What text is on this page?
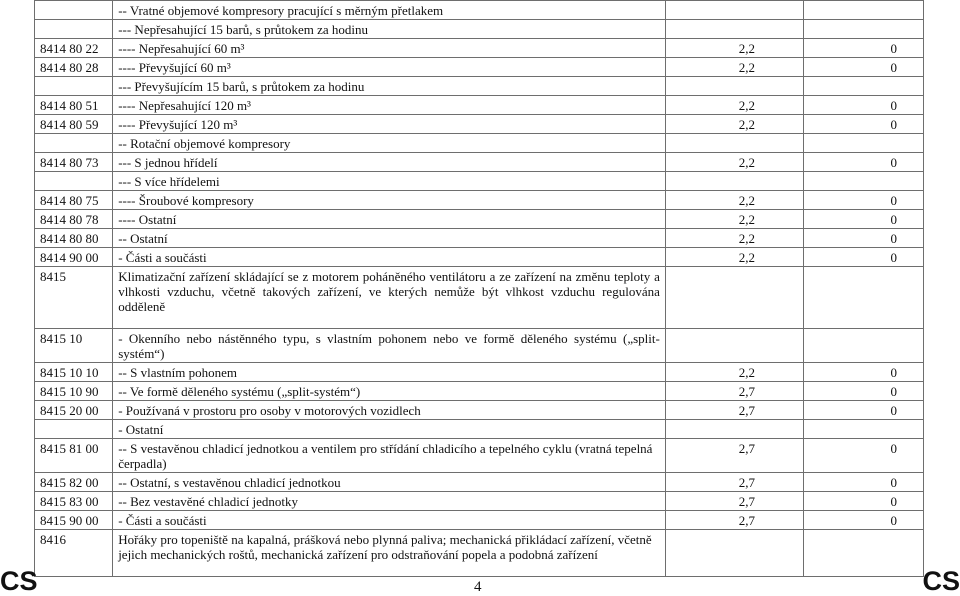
	-- Vratné objemové kompresory pracující s měrným přetlakem		
	--- Nepřesahující 15 barů, s průtokem za hodinu		
8414 80 22	---- Nepřesahující 60 m³	2,2	0
8414 80 28	---- Převyšující 60 m³	2,2	0
	--- Převyšujícím 15 barů, s průtokem za hodinu		
8414 80 51	---- Nepřesahující 120 m³	2,2	0
8414 80 59	---- Převyšující 120 m³	2,2	0
	-- Rotační objemové kompresory		
8414 80 73	--- S jednou hřídelí	2,2	0
	--- S více hřídelemi		
8414 80 75	---- Šroubové kompresory	2,2	0
8414 80 78	---- Ostatní	2,2	0
8414 80 80	-- Ostatní	2,2	0
8414 90 00	- Části a součásti	2,2	0
8415	Klimatizační zařízení skládající se z motorem poháněného ventilátoru a ze zařízení na změnu teploty a vlhkosti vzduchu, včetně takových zařízení, ve kterých nemůže být vlhkost vzduchu regulována odděleně		
8415 10	- Okenního nebo nástěnného typu, s vlastním pohonem nebo ve formě děleného systému („split-systém“)		
8415 10 10	-- S vlastním pohonem	2,2	0
8415 10 90	-- Ve formě děleného systému („split-systém“)	2,7	0
8415 20 00	- Používaná v prostoru pro osoby v motorových vozidlech	2,7	0
	- Ostatní		
8415 81 00	-- S vestavěnou chladicí jednotkou a ventilem pro střídání chladicího a tepelného cyklu (vratná tepelná čerpadla)	2,7	0
8415 82 00	-- Ostatní, s vestavěnou chladicí jednotkou	2,7	0
8415 83 00	-- Bez vestavěné chladicí jednotky	2,7	0
8415 90 00	- Části a součásti	2,7	0
8416	Hořáky pro topeniště na kapalná, prášková nebo plynná paliva; mechanická přikládací zařízení, včetně jejich mechanických roštů, mechanická zařízení pro odstraňování popela a podobná zařízení		
CS	4	CS
